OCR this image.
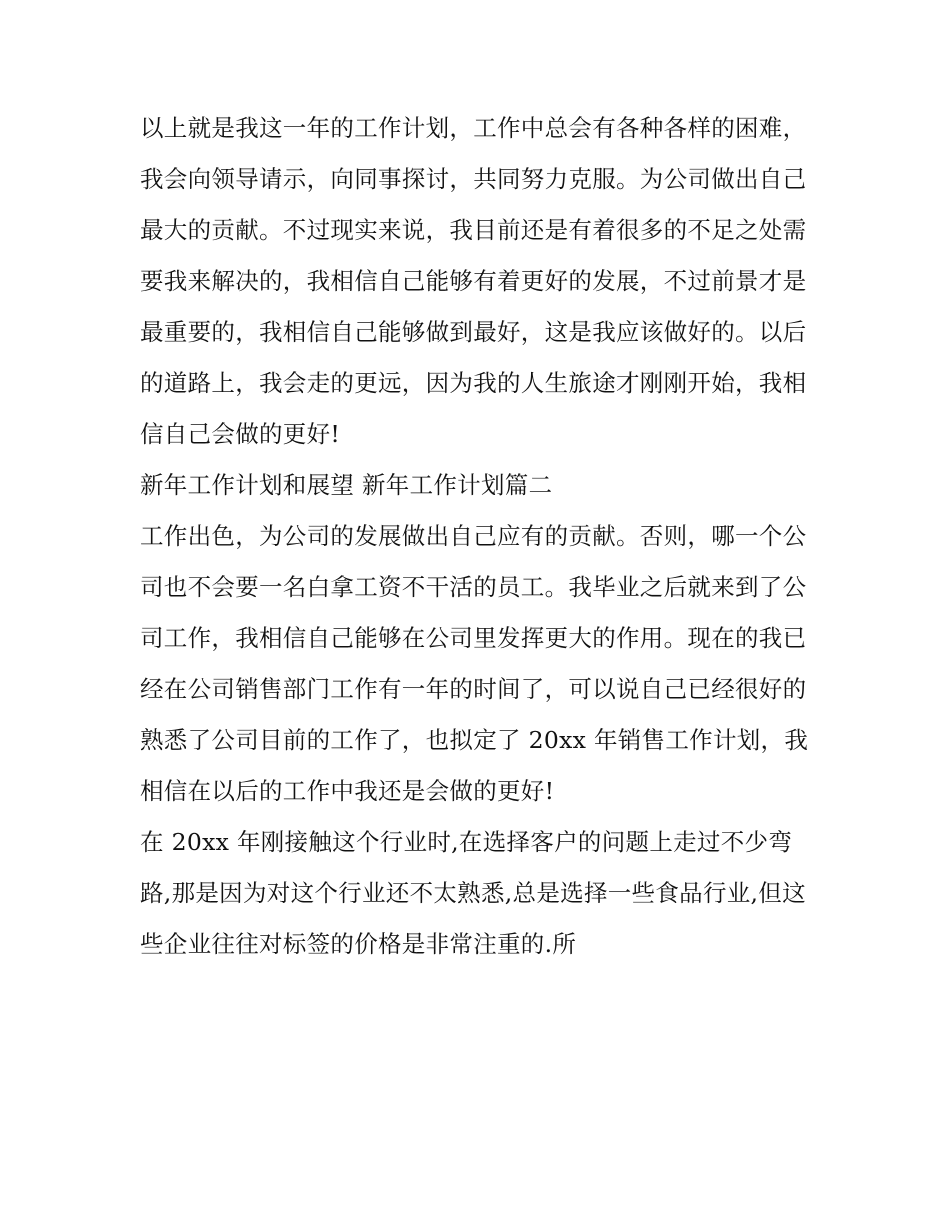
以上就是我这一年的工作计划，工作中总会有各种各样的困难，我会向领导请示，向同事探讨，共同努力克服。为公司做出自己最大的贡献。不过现实来说，我目前还是有着很多的不足之处需要我来解决的，我相信自己能够有着更好的发展，不过前景才是最重要的，我相信自己能够做到最好，这是我应该做好的。以后的道路上，我会走的更远，因为我的人生旅途才刚刚开始，我相信自己会做的更好!

新年工作计划和展望 新年工作计划篇二

工作出色，为公司的发展做出自己应有的贡献。否则，哪一个公司也不会要一名白拿工资不干活的员工。我毕业之后就来到了公司工作，我相信自己能够在公司里发挥更大的作用。现在的我已经在公司销售部门工作有一年的时间了，可以说自己已经很好的熟悉了公司目前的工作了，也拟定了 20xx 年销售工作计划，我相信在以后的工作中我还是会做的更好!

在 20xx 年刚接触这个行业时,在选择客户的问题上走过不少弯路,那是因为对这个行业还不太熟悉,总是选择一些食品行业,但这些企业往往对标签的价格是非常注重的.所
